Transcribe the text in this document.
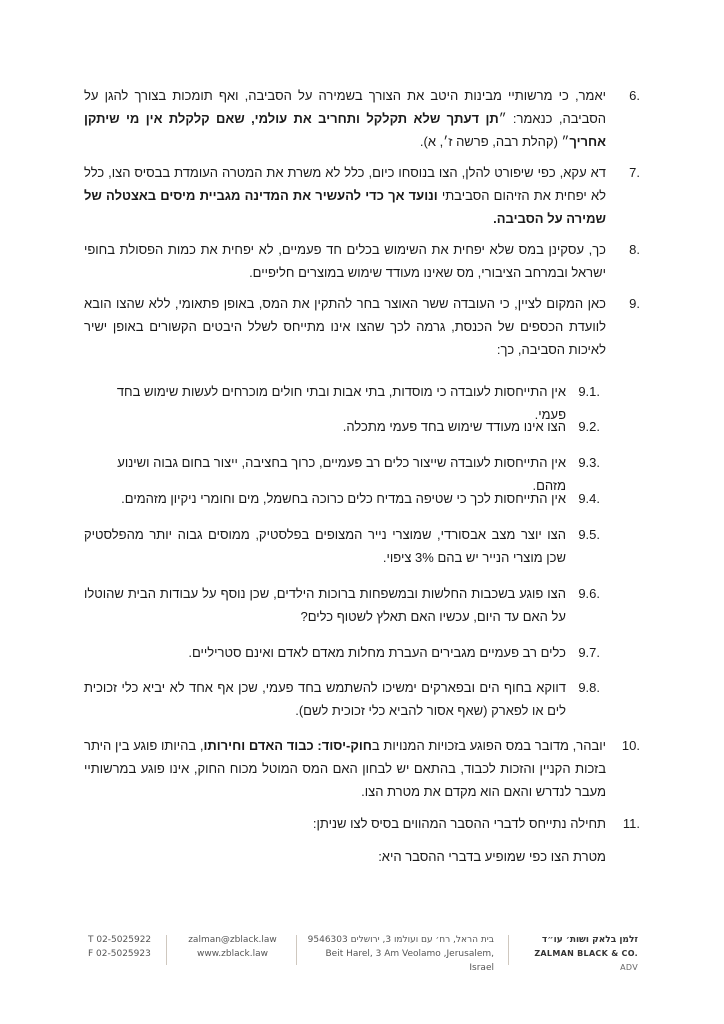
6.
יאמר, כי מרשותיי מבינות היטב את הצורך בשמירה על הסביבה, ואף תומכות בצורך להגן על הסביבה, כנאמר: ״תן דעתך שלא תקלקל ותחריב את עולמי, שאם קלקלת אין מי שיתקן אחריך״ (קהלת רבה, פרשה ז׳, א).
7.
דא עקא, כפי שיפורט להלן, הצו בנוסחו כיום, כלל לא משרת את המטרה העומדת בבסיס הצו, כלל לא יפחית את הזיהום הסביבתי ונועד אך כדי להעשיר את המדינה מגביית מיסים באצטלה של שמירה על הסביבה.
8.
כך, עסקינן במס שלא יפחית את השימוש בכלים חד פעמיים, לא יפחית את כמות הפסולת בחופי ישראל ובמרחב הציבורי, מס שאינו מעודד שימוש במוצרים חליפיים.
9.
כאן המקום לציין, כי העובדה ששר האוצר בחר להתקין את המס, באופן פתאומי, ללא שהצו הובא לוועדת הכספים של הכנסת, גרמה לכך שהצו אינו מתייחס לשלל היבטים הקשורים באופן ישיר לאיכות הסביבה, כך:
9.1.
אין התייחסות לעובדה כי מוסדות, בתי אבות ובתי חולים מוכרחים לעשות שימוש בחד פעמי.
9.2.
הצו אינו מעודד שימוש בחד פעמי מתכלה.
9.3.
אין התייחסות לעובדה שייצור כלים רב פעמיים, כרוך בחציבה, ייצור בחום גבוה ושינוע מזהם.
9.4.
אין התייחסות לכך כי שטיפה במדיח כלים כרוכה בחשמל, מים וחומרי ניקיון מזהמים.
9.5.
הצו יוצר מצב אבסורדי, שמוצרי נייר המצופים בפלסטיק, ממוסים גבוה יותר מהפלסטיק שכן מוצרי הנייר יש בהם 3% ציפוי.
9.6.
הצו פוגע בשכבות החלשות ובמשפחות ברוכות הילדים, שכן נוסף על עבודות הבית שהוטלו על האם עד היום, עכשיו האם תאלץ לשטוף כלים?
9.7.
כלים רב פעמיים מגבירים העברת מחלות מאדם לאדם ואינם סטריליים.
9.8.
דווקא בחוף הים ובפארקים ימשיכו להשתמש בחד פעמי, שכן אף אחד לא יביא כלי זכוכית לים או לפארק (שאף אסור להביא כלי זכוכית לשם).
10.
יובהר, מדובר במס הפוגע בזכויות המנויות בחוק-יסוד: כבוד האדם וחירותו, בהיותו פוגע בין היתר בזכות הקניין והזכות לכבוד, בהתאם יש לבחון האם המס המוטל מכוח החוק, אינו פוגע במרשותיי מעבר לנדרש והאם הוא מקדם את מטרת הצו.
11.
תחילה נתייחס לדברי ההסבר המהווים בסיס לצו שניתן:
מטרת הצו כפי שמופיע בדברי ההסבר היא:
T 02-5025922
F 02-5025923
zalman@zblack.law
www.zblack.law
בית הראל, רח׳ עם ועולמו 3, ירושלים 9546303
Beit Harel, 3 Am Veolamo ,Jerusalem, Israel
זלמן בלאק ושות׳ עו״ד
ZALMAN BLACK & CO. ADV
